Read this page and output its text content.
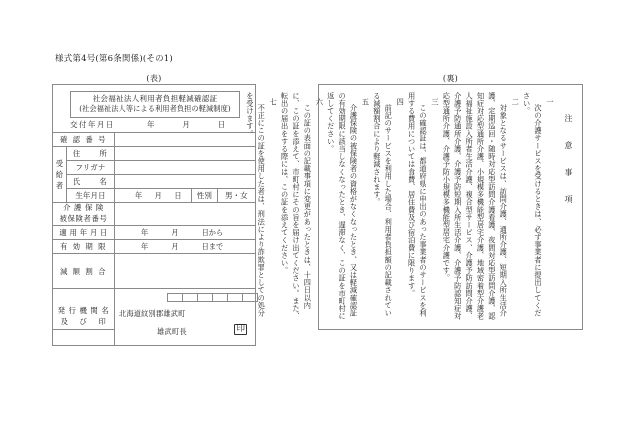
様式第4号(第6条関係)(その1)
(表)	(裏)
社会福祉法人利用者負担軽減確認証
(社会福祉法人等による利用者負担の軽減制度)
交付年月日	年	月	日
確 認 番 号				
受
給
者	住　　所			
	フリガナ			
	氏　　名			
	生年月日	年 月 日	性別	男・女

介 護 保 険
被保険者番号				

適 用 年 月 日		年 月 日から		

有 効 期 限		年 月 日まで		

減 額 割 合				

発 行 機 関 名
及　 び　 印

北海道紋別郡雄武町
雄武町長	印
注 意 事 項
一
次の介護サービスを受けるときは、必ず事業者に提出してください。
二
対象となるサービスは、訪問介護、通所介護、短期入所生活介護、定期巡回・随時対応型訪問介護看護、夜間対応型訪問介護、認知症対応型通所介護、小規模多機能型居宅介護、地域密着型介護老人福祉施設入所者生活介護、複合型サービス、介護予防訪問介護、介護予防通所介護、介護予防短期入所生活介護、介護予防認知症対応型通所介護、介護予防小規模多機能型居宅介護です。
三
この確認証は、都道府県に申出のあった事業者のサービスを利用する費用については食費、居住費及び宿泊費に限ります。
四
前記のサービスを利用した場合、利用者負担額の記載されている減額割合により軽減されます。
五
介護保険の被保険者の資格がなくなったとき、又は軽減確認証の有効期限に該当しなくなったとき、遅滞なく、この証を市町村に返してください。
六
この証の表面の記載事項に変更があったときは、十四日以内に、この証を添えて、市町村にその旨を届け出てください。また、転出の届出をする際には、この証を添えてください。
七
不正にこの証を使用した者は、刑法により詐欺罪としての処分を受けます。
